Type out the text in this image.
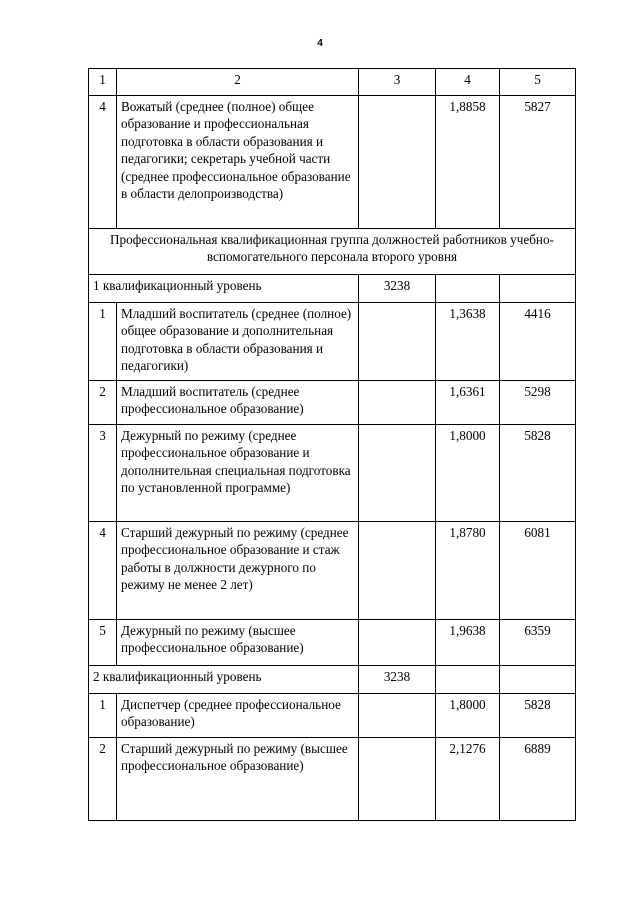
4
1	2	3	4	5
4	Вожатый (среднее (полное) общее образование и профессиональная подготовка в области образования и педагогики; секретарь учебной части (среднее профессиональное образование в области делопроизводства)		1,8858	5827
Профессиональная квалификационная группа должностей работников учебно-вспомогательного персонала второго уровня				
1 квалификационный уровень		3238		
1	Младший воспитатель (среднее (полное) общее образование и дополнительная подготовка в области образования и педагогики)		1,3638	4416
2	Младший воспитатель (среднее профессиональное образование)		1,6361	5298
3	Дежурный по режиму (среднее профессиональное образование и дополнительная специальная подготовка по установленной программе)		1,8000	5828
4	Старший дежурный по режиму (среднее профессиональное образование и стаж работы в должности дежурного по режиму не менее 2 лет)		1,8780	6081
5	Дежурный по режиму (высшее профессиональное образование)		1,9638	6359
2 квалификационный уровень		3238		
1	Диспетчер (среднее профессиональное образование)		1,8000	5828
2	Старший дежурный по режиму (высшее профессиональное образование)		2,1276	6889
